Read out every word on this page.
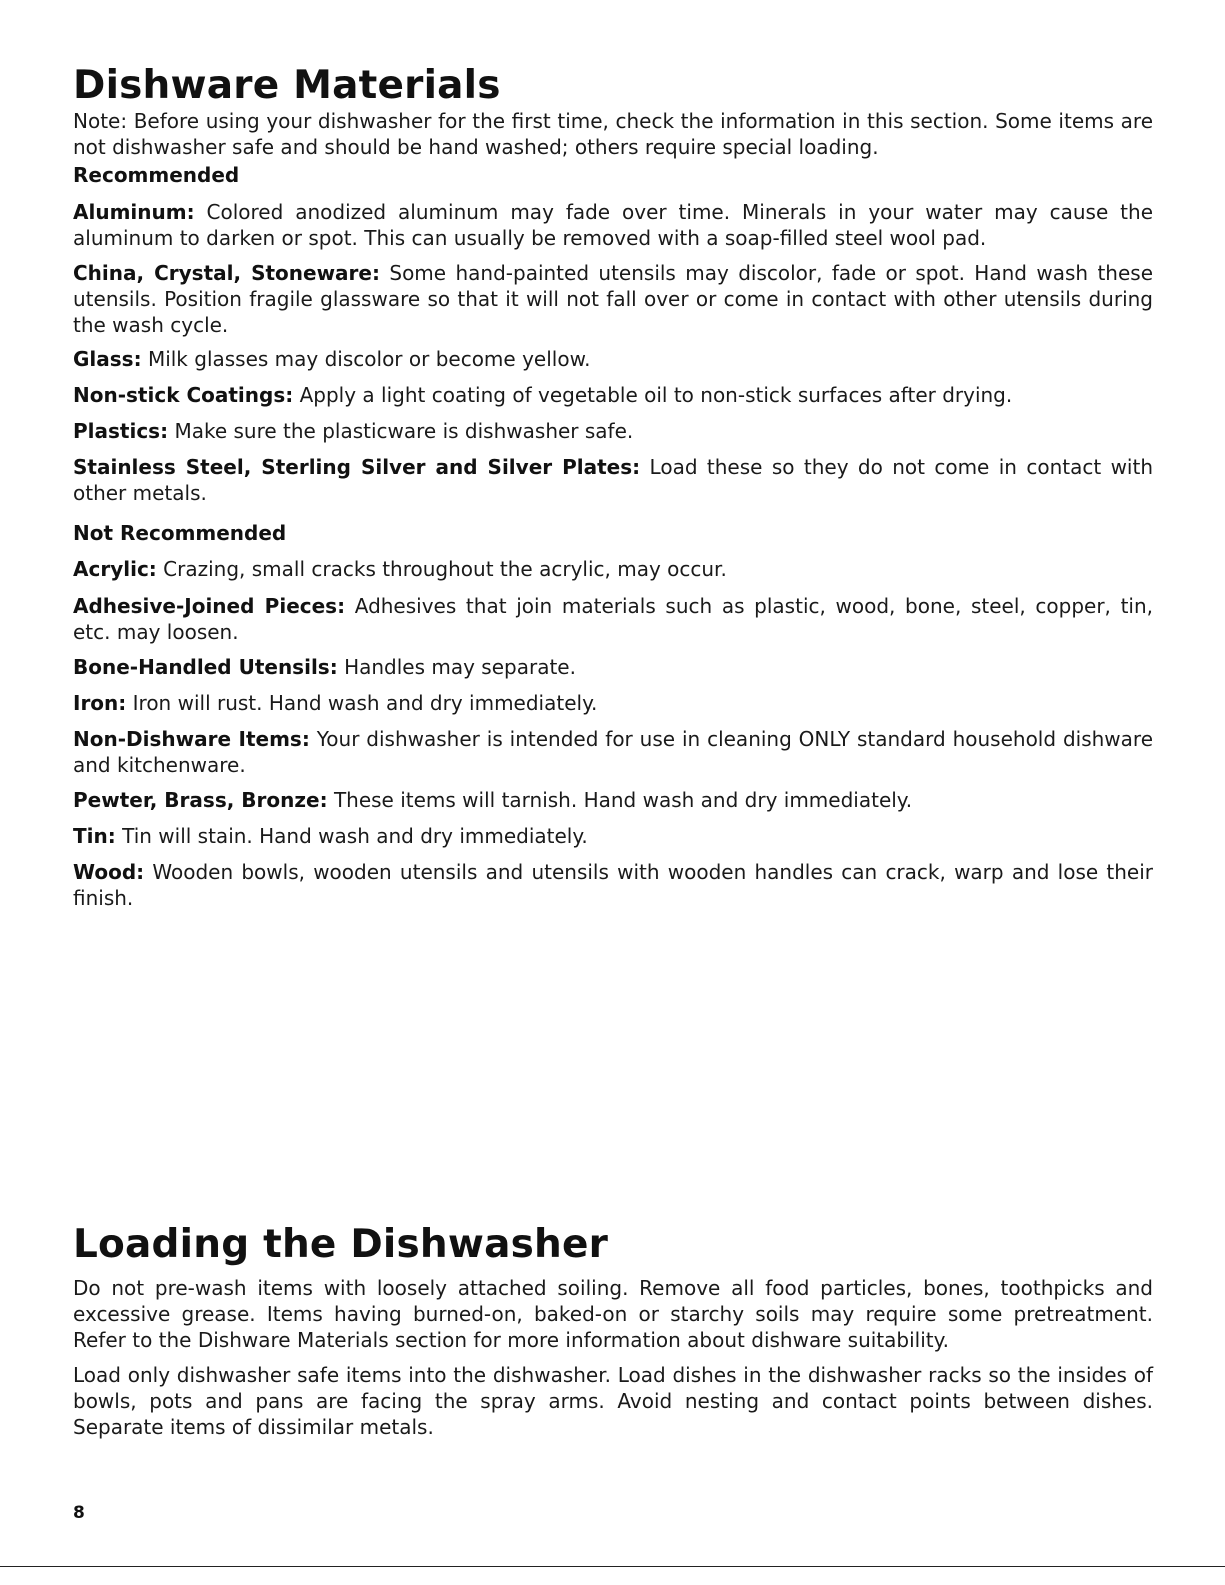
Dishware Materials

Note: Before using your dishwasher for the first time, check the information in this section. Some items are not dishwasher safe and should be hand washed; others require special loading.

Recommended

Aluminum: Colored anodized aluminum may fade over time. Minerals in your water may cause the aluminum to darken or spot. This can usually be removed with a soap-filled steel wool pad.

China, Crystal, Stoneware: Some hand-painted utensils may discolor, fade or spot. Hand wash these utensils. Position fragile glassware so that it will not fall over or come in contact with other utensils during the wash cycle.

Glass: Milk glasses may discolor or become yellow.

Non-stick Coatings: Apply a light coating of vegetable oil to non-stick surfaces after drying.

Plastics: Make sure the plasticware is dishwasher safe.

Stainless Steel, Sterling Silver and Silver Plates: Load these so they do not come in contact with other metals.

Not Recommended

Acrylic: Crazing, small cracks throughout the acrylic, may occur.

Adhesive-Joined Pieces: Adhesives that join materials such as plastic, wood, bone, steel, copper, tin, etc. may loosen.

Bone-Handled Utensils: Handles may separate.

Iron: Iron will rust. Hand wash and dry immediately.

Non-Dishware Items: Your dishwasher is intended for use in cleaning ONLY standard household dishware and kitchenware.

Pewter, Brass, Bronze: These items will tarnish. Hand wash and dry immediately.

Tin: Tin will stain. Hand wash and dry immediately.

Wood: Wooden bowls, wooden utensils and utensils with wooden handles can crack, warp and lose their finish.

Loading the Dishwasher

Do not pre-wash items with loosely attached soiling. Remove all food particles, bones, toothpicks and excessive grease. Items having burned-on, baked-on or starchy soils may require some pretreatment. Refer to the Dishware Materials section for more information about dishware suitability.

Load only dishwasher safe items into the dishwasher. Load dishes in the dishwasher racks so the insides of bowls, pots and pans are facing the spray arms. Avoid nesting and contact points between dishes. Separate items of dissimilar metals.

8
